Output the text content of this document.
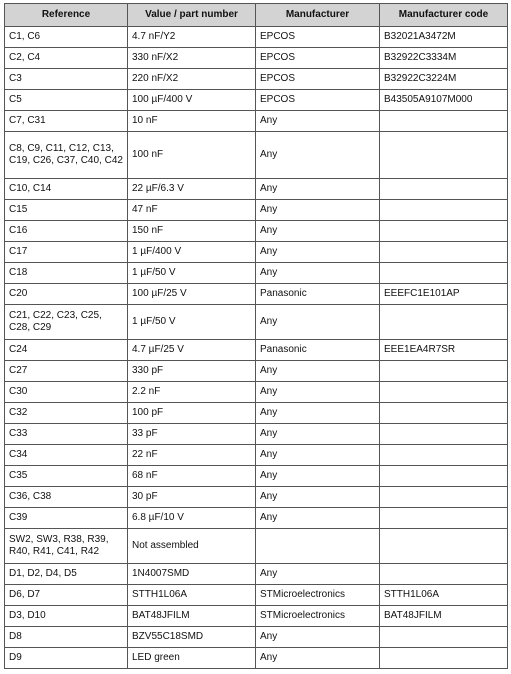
Reference	Value / part number	Manufacturer	Manufacturer code
C1, C6	4.7 nF/Y2	EPCOS	B32021A3472M
C2, C4	330 nF/X2	EPCOS	B32922C3334M
C3	220 nF/X2	EPCOS	B32922C3224M
C5	100 µF/400 V	EPCOS	B43505A9107M000
C7, C31	10 nF	Any	
C8, C9, C11, C12, C13, C19, C26, C37, C40, C42	100 nF	Any	
C10, C14	22 µF/6.3 V	Any	
C15	47 nF	Any	
C16	150 nF	Any	
C17	1 µF/400 V	Any	
C18	1 µF/50 V	Any	
C20	100 µF/25 V	Panasonic	EEEFC1E101AP
C21, C22, C23, C25, C28, C29	1 µF/50 V	Any	
C24	4.7 µF/25 V	Panasonic	EEE1EA4R7SR
C27	330 pF	Any	
C30	2.2 nF	Any	
C32	100 pF	Any	
C33	33 pF	Any	
C34	22 nF	Any	
C35	68 nF	Any	
C36, C38	30 pF	Any	
C39	6.8 µF/10 V	Any	
SW2, SW3, R38, R39, R40, R41, C41, R42	Not assembled		
D1, D2, D4, D5	1N4007SMD	Any	
D6, D7	STTH1L06A	STMicroelectronics	STTH1L06A
D3, D10	BAT48JFILM	STMicroelectronics	BAT48JFILM
D8	BZV55C18SMD	Any	
D9	LED green	Any	
